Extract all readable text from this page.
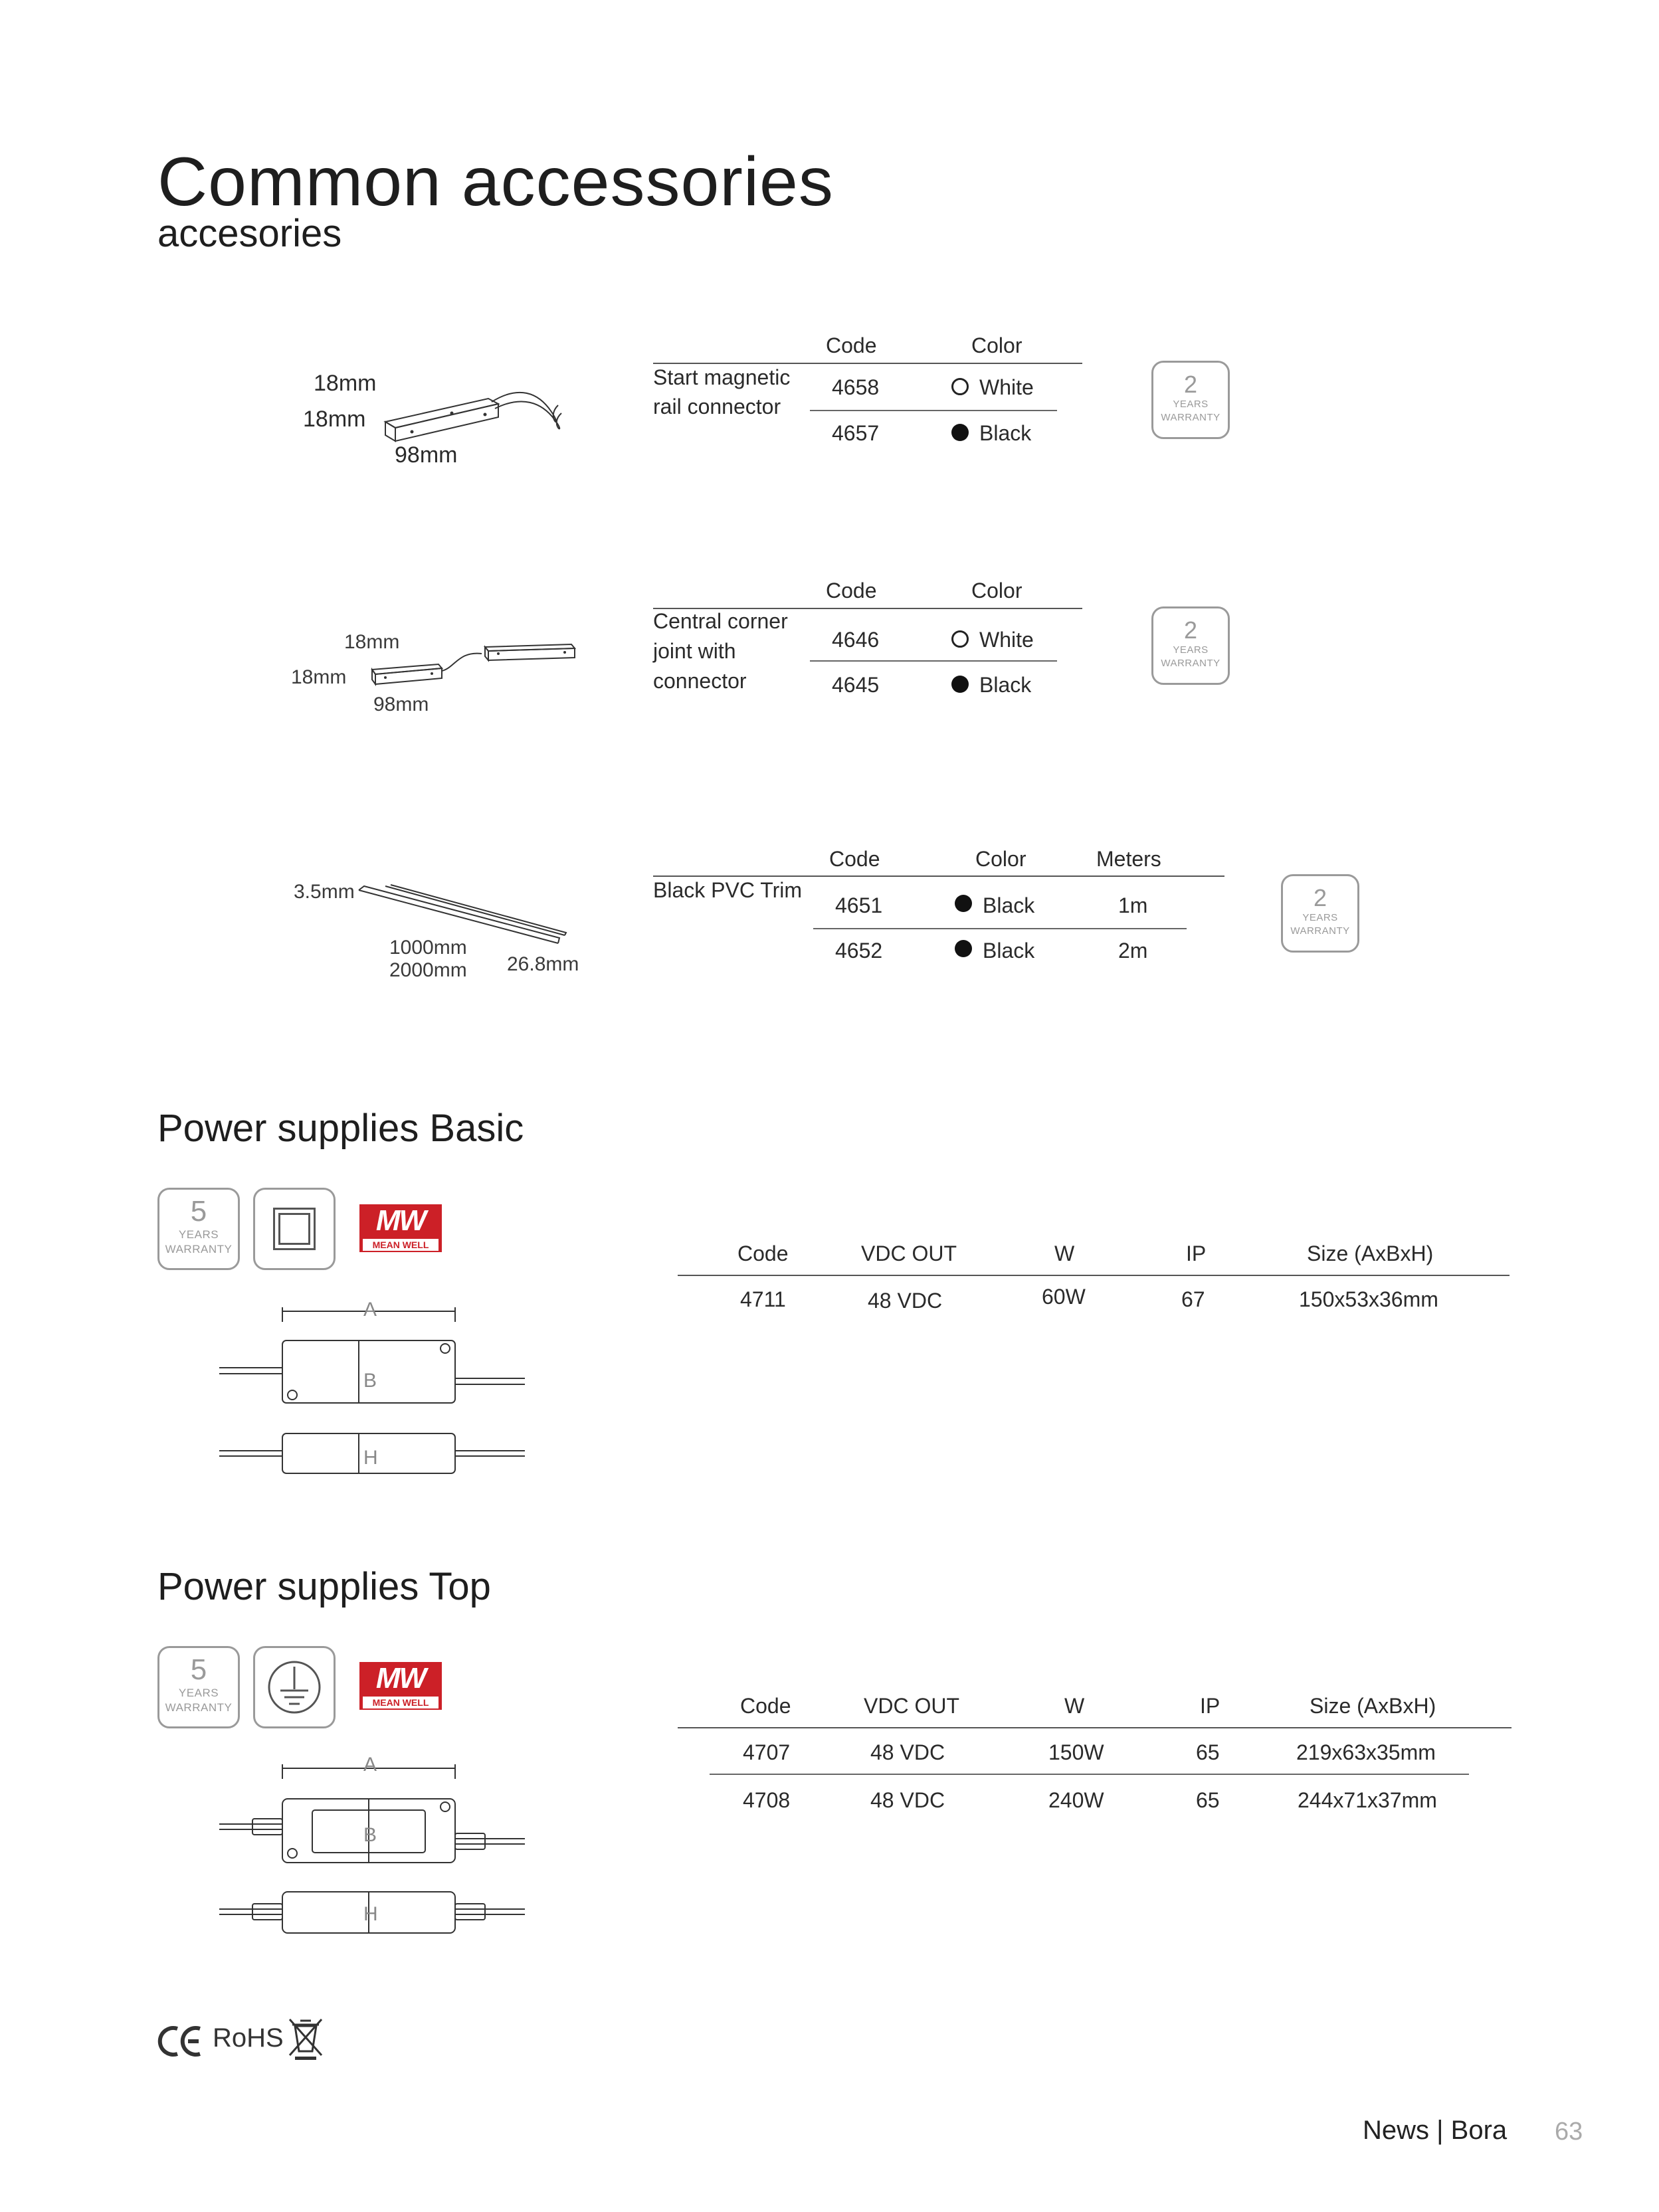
Common accessories
accesories
18mm
18mm
98mm
Start magnetic
rail connector
Code	Color
4658	White
4657	Black
2
YEARS
WARRANTY
18mm
18mm
98mm
Central corner
joint with
connector
Code	Color
4646	White
4645	Black
2
YEARS
WARRANTY
3.5mm
1000mm
2000mm 26.8mm
Black PVC Trim
Code	Color	Meters
4651	Black	1m
4652	Black	2m
2
YEARS
WARRANTY
Power supplies Basic
5
YEARS
WARRANTY
MW
MEAN WELL
A
B
H
Code	VDC OUT	W	IP	Size (AxBxH)
4711	48 VDC	60W	67	150x53x36mm
Power supplies Top
5
YEARS
WARRANTY
MW
MEAN WELL
A
B
H
Code	VDC OUT	W	IP	Size (AxBxH)
4707	48 VDC	150W	65	219x63x35mm
4708	48 VDC	240W	65	244x71x37mm
RoHS
News | Bora 63
